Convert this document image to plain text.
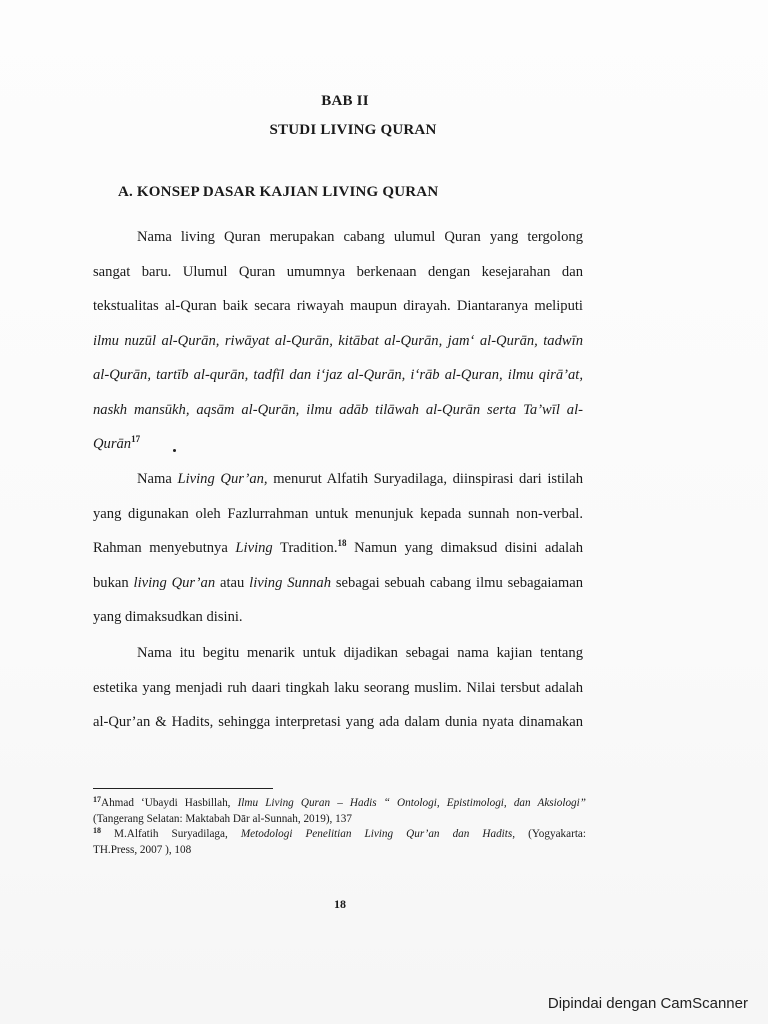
BAB II
STUDI LIVING QURAN
A. KONSEP DASAR KAJIAN LIVING QURAN
Nama living Quran merupakan cabang ulumul Quran yang tergolong
sangat baru. Ulumul Quran umumnya berkenaan dengan kesejarahan dan
tekstualitas al-Quran baik secara riwayah maupun dirayah. Diantaranya meliputi
ilmu nuzūl al-Qurān, riwāyat al-Qurān, kitābat al-Qurān, jam‘ al-Qurān, tadwīn
al-Qurān, tartīb al-qurān, tadfīl dan i‘jaz al-Qurān, i‘rāb al-Quran, ilmu qirā’at,
naskh mansūkh, aqsām al-Qurān, ilmu adāb tilāwah al-Qurān serta Ta’wīl al-
Qurān$^{17}$
Nama Living Qur’an, menurut Alfatih Suryadilaga, diinspirasi dari istilah
yang digunakan oleh Fazlurrahman untuk menunjuk kepada sunnah non-verbal.
Rahman menyebutnya Living Tradition.$^{18}$ Namun yang dimaksud disini adalah
bukan living Qur’an atau living Sunnah sebagai sebuah cabang ilmu sebagaiaman
yang dimaksudkan disini.
Nama itu begitu menarik untuk dijadikan sebagai nama kajian tentang
estetika yang menjadi ruh daari tingkah laku seorang muslim. Nilai tersbut adalah
al-Qur’an & Hadits, sehingga interpretasi yang ada dalam dunia nyata dinamakan
$^{17}$Ahmad ‘Ubaydi Hasbillah, Ilmu Living Quran – Hadis “ Ontologi, Epistimologi, dan Aksiologi”
(Tangerang Selatan: Maktabah Dār al-Sunnah, 2019), 137
$^{18}$ M.Alfatih Suryadilaga, Metodologi Penelitian Living Qur’an dan Hadits, (Yogyakarta:
TH.Press, 2007 ), 108
18
Dipindai dengan CamScanner
